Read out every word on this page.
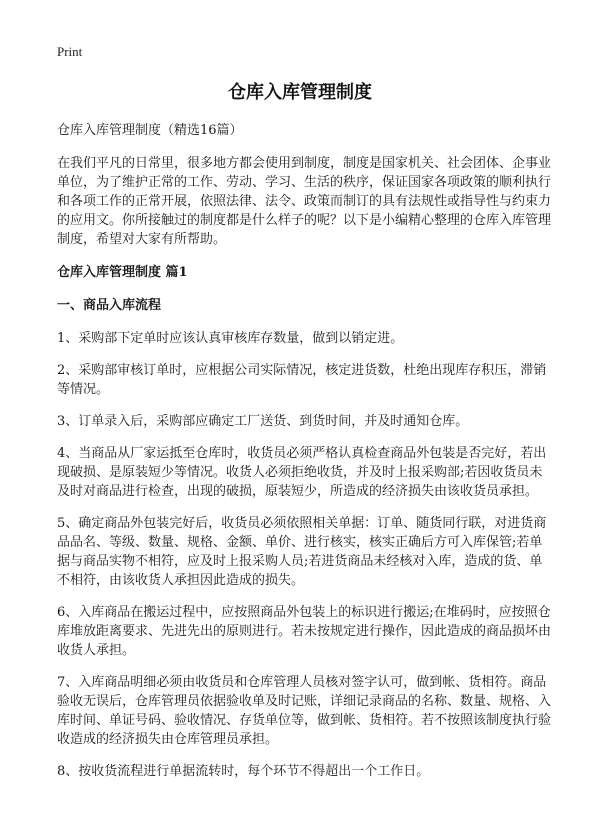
Print
仓库入库管理制度

仓库入库管理制度（精选16篇）

在我们平凡的日常里，很多地方都会使用到制度，制度是国家机关、社会团体、企事业单位，为了维护正常的工作、劳动、学习、生活的秩序，保证国家各项政策的顺利执行和各项工作的正常开展，依照法律、法令、政策而制订的具有法规性或指导性与约束力的应用文。你所接触过的制度都是什么样子的呢？以下是小编精心整理的仓库入库管理制度，希望对大家有所帮助。

仓库入库管理制度 篇1

一、商品入库流程

1、采购部下定单时应该认真审核库存数量，做到以销定进。

2、采购部审核订单时，应根据公司实际情况，核定进货数，杜绝出现库存积压，滞销等情况。

3、订单录入后，采购部应确定工厂送货、到货时间，并及时通知仓库。

4、当商品从厂家运抵至仓库时，收货员必须严格认真检查商品外包装是否完好，若出现破损、是原装短少等情况。收货人必须拒绝收货，并及时上报采购部;若因收货员未及时对商品进行检查，出现的破损，原装短少，所造成的经济损失由该收货员承担。

5、确定商品外包装完好后，收货员必须依照相关单据：订单、随货同行联，对进货商品品名、等级、数量、规格、金额、单价、进行核实，核实正确后方可入库保管;若单据与商品实物不相符，应及时上报采购人员;若进货商品未经核对入库，造成的货、单不相符，由该收货人承担因此造成的损失。

6、入库商品在搬运过程中，应按照商品外包装上的标识进行搬运;在堆码时，应按照仓库堆放距离要求、先进先出的原则进行。若未按规定进行操作，因此造成的商品损坏由收货人承担。

7、入库商品明细必须由收货员和仓库管理人员核对签字认可，做到帐、货相符。商品验收无误后，仓库管理员依据验收单及时记账，详细记录商品的名称、数量、规格、入库时间、单证号码、验收情况、存货单位等，做到帐、货相符。若不按照该制度执行验收造成的经济损失由仓库管理员承担。

8、按收货流程进行单据流转时，每个环节不得超出一个工作日。
